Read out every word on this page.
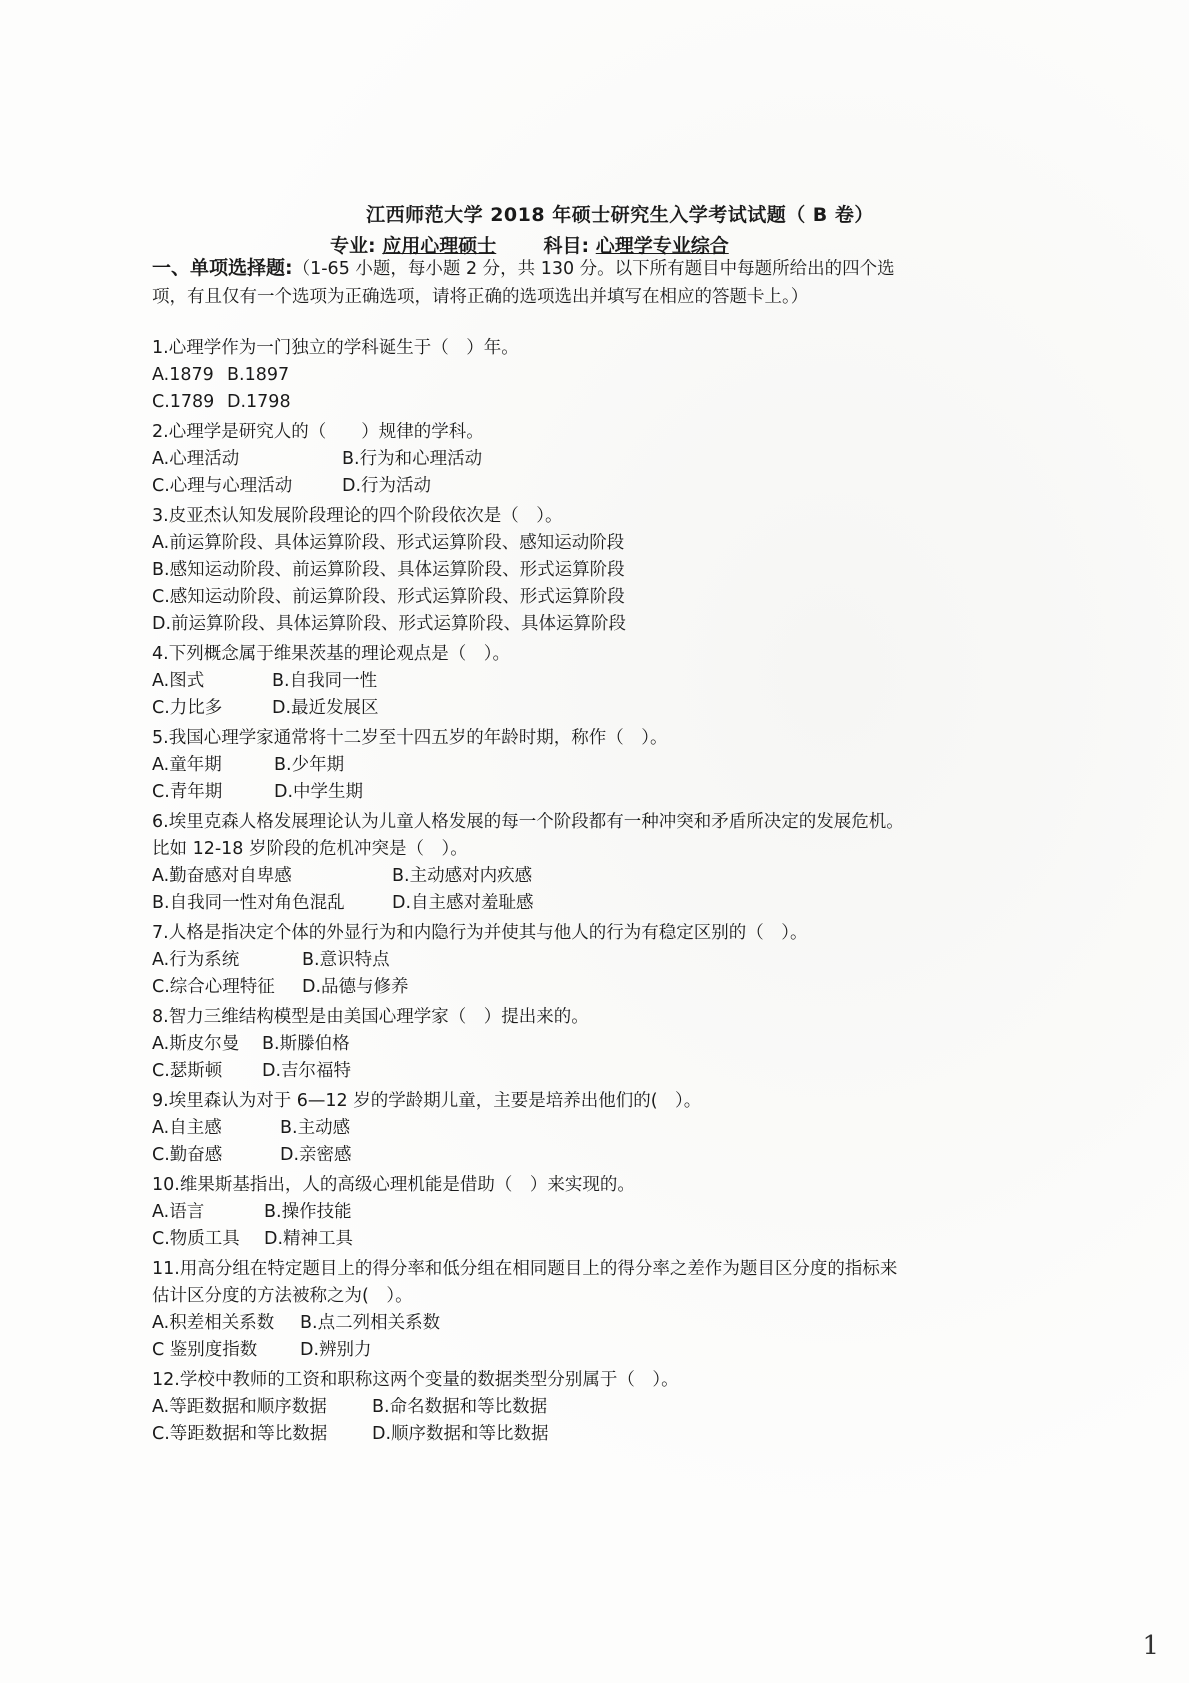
江西师范大学 2018 年硕士研究生入学考试试题（ B 卷）
专业: 应用心理硕士 科目: 心理学专业综合
一、单项选择题:（1-65 小题，每小题 2 分，共 130 分。以下所有题目中每题所给出的四个选项，有且仅有一个选项为正确选项，请将正确的选项选出并填写在相应的答题卡上。）
1.心理学作为一门独立的学科诞生于（　）年。
A.1879 B.1897
C.1789 D.1798
2.心理学是研究人的（　　）规律的学科。
A.心理活动	B.行为和心理活动
C.心理与心理活动	D.行为活动
3.皮亚杰认知发展阶段理论的四个阶段依次是（　）。
A.前运算阶段、具体运算阶段、形式运算阶段、感知运动阶段
B.感知运动阶段、前运算阶段、具体运算阶段、形式运算阶段
C.感知运动阶段、前运算阶段、形式运算阶段、形式运算阶段
D.前运算阶段、具体运算阶段、形式运算阶段、具体运算阶段
4.下列概念属于维果茨基的理论观点是（　）。
A.图式	B.自我同一性
C.力比多	D.最近发展区
5.我国心理学家通常将十二岁至十四五岁的年龄时期，称作（　）。
A.童年期	B.少年期
C.青年期	D.中学生期
6.埃里克森人格发展理论认为儿童人格发展的每一个阶段都有一种冲突和矛盾所决定的发展危机。比如 12-18 岁阶段的危机冲突是（　）。
A.勤奋感对自卑感	B.主动感对内疚感
B.自我同一性对角色混乱	D.自主感对羞耻感
7.人格是指决定个体的外显行为和内隐行为并使其与他人的行为有稳定区别的（　）。
A.行为系统	B.意识特点
C.综合心理特征	D.品德与修养
8.智力三维结构模型是由美国心理学家（　）提出来的。
A.斯皮尔曼	B.斯滕伯格
C.瑟斯顿	D.吉尔福特
9.埃里森认为对于 6—12 岁的学龄期儿童，主要是培养出他们的(　）。
A.自主感	B.主动感
C.勤奋感	D.亲密感
10.维果斯基指出，人的高级心理机能是借助（　）来实现的。
A.语言	B.操作技能
C.物质工具	D.精神工具
11.用高分组在特定题目上的得分率和低分组在相同题目上的得分率之差作为题目区分度的指标来估计区分度的方法被称之为(　）。
A.积差相关系数	B.点二列相关系数
C 鉴别度指数	D.辨别力
12.学校中教师的工资和职称这两个变量的数据类型分别属于（　）。
A.等距数据和顺序数据	B.命名数据和等比数据
C.等距数据和等比数据	D.顺序数据和等比数据
1
